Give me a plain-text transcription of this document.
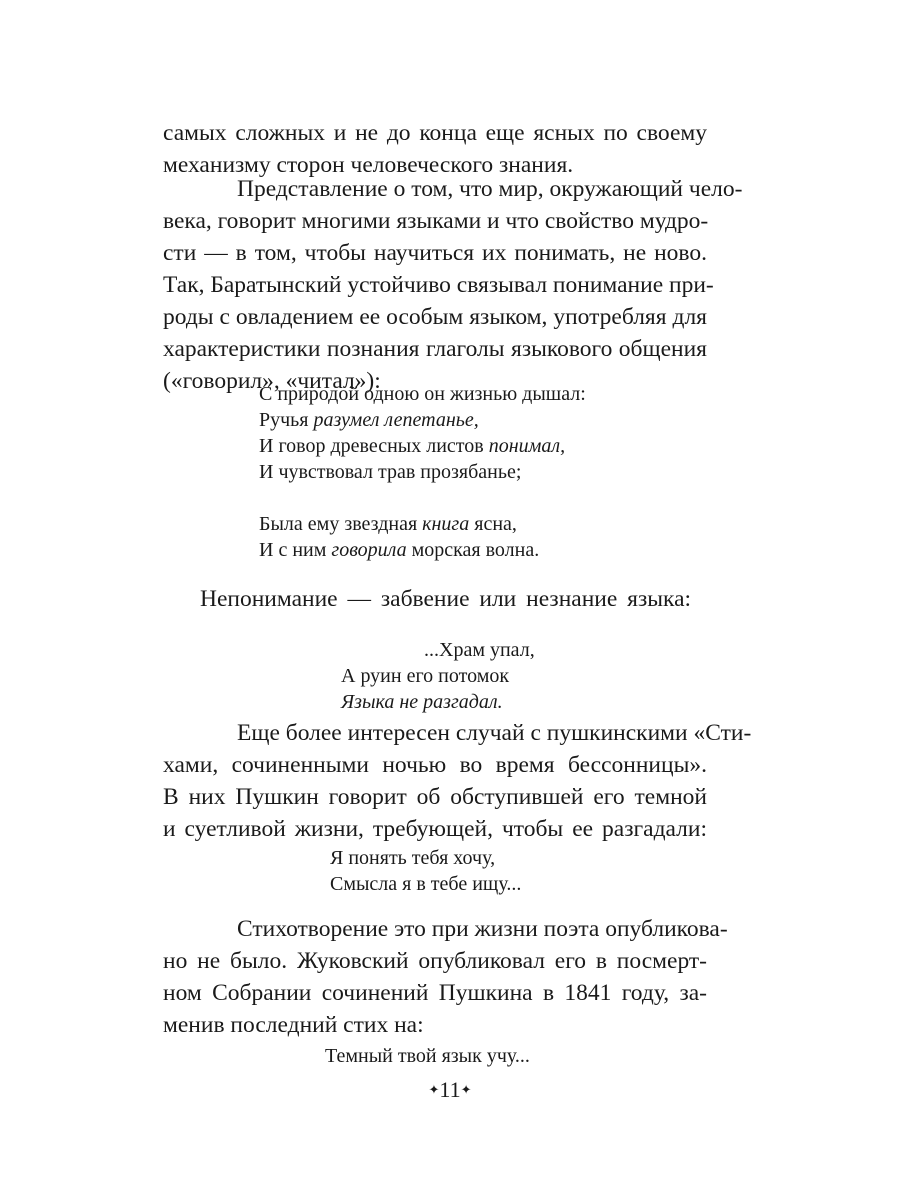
самых сложных и не до конца еще ясных по своему
механизму сторон человеческого знания.
Представление о том, что мир, окружающий чело-
века, говорит многими языками и что свойство мудро-
сти — в том, чтобы научиться их понимать, не ново.
Так, Баратынский устойчиво связывал понимание при-
роды с овладением ее особым языком, употребляя для
характеристики познания глаголы языкового общения
(«говорил», «читал»):
С природой одною он жизнью дышал:
Ручья разумел лепетанье,
И говор древесных листов понимал,
И чувствовал трав прозябанье;
Была ему звездная книга ясна,
И с ним говорила морская волна.
Непонимание — забвение или незнание языка:
...Храм упал,
А руин его потомок
Языка не разгадал.
Еще более интересен случай с пушкинскими «Сти-
хами, сочиненными ночью во время бессонницы».
В них Пушкин говорит об обступившей его темной
и суетливой жизни, требующей, чтобы ее разгадали:
Я понять тебя хочу,
Смысла я в тебе ищу...
Стихотворение это при жизни поэта опубликова-
но не было. Жуковский опубликовал его в посмерт-
ном Собрании сочинений Пушкина в 1841 году, за-
менив последний стих на:
Темный твой язык учу...
✦11✦
